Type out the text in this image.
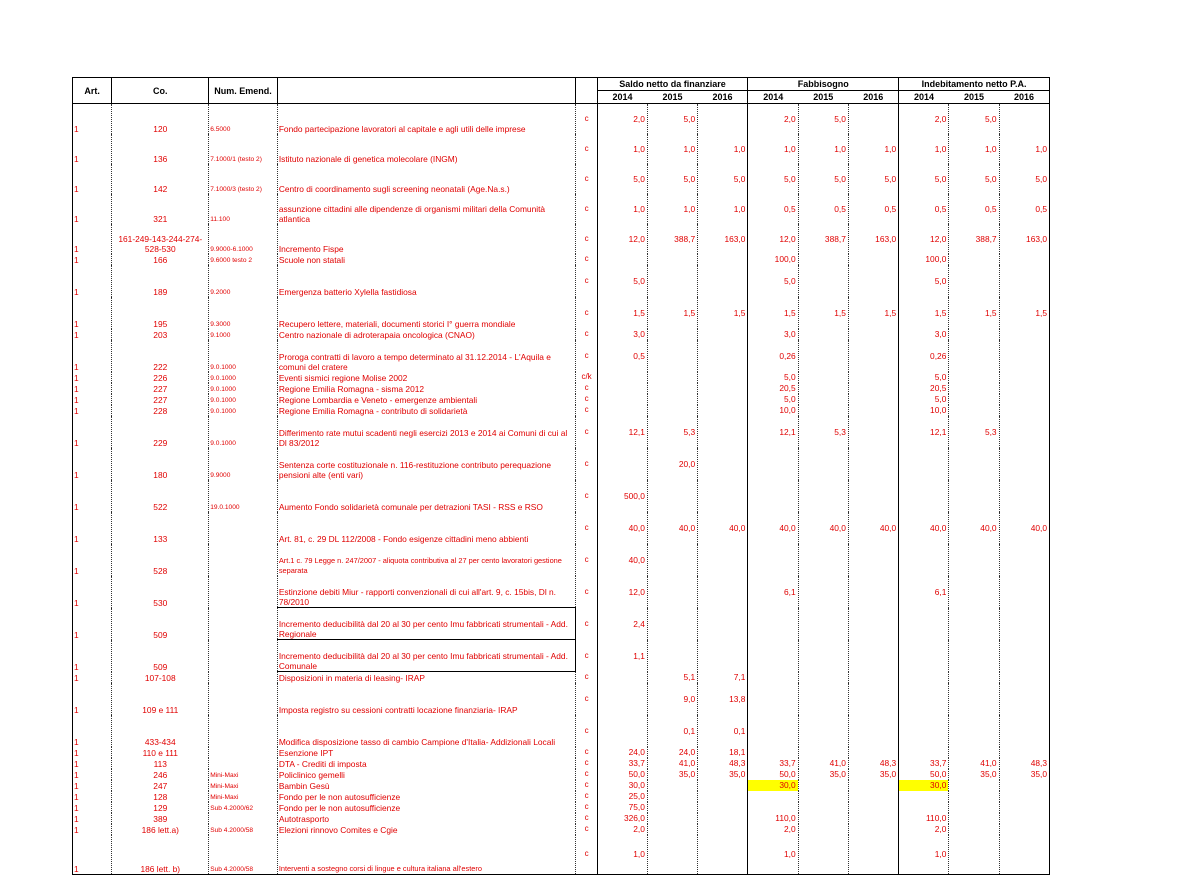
Art.	Co.	Num. Emend.			Saldo netto da finanziare			Fabbisogno			Indebitamento netto P.A.		
					2014	2015	2016	2014	2015	2016	2014	2015	2016
1	120	6.5000	Fondo partecipazione lavoratori al capitale e agli utili delle imprese	c	2,0	5,0		2,0	5,0		2,0	5,0	
1	136	7.1000/1 (testo 2)	Istituto nazionale di genetica molecolare (INGM)	c	1,0	1,0	1,0	1,0	1,0	1,0	1,0	1,0	1,0
1	142	7.1000/3 (testo 2)	Centro di coordinamento sugli screening neonatali (Age.Na.s.)	c	5,0	5,0	5,0	5,0	5,0	5,0	5,0	5,0	5,0
1	321	11.100	assunzione cittadini alle dipendenze di organismi militari della Comunità atlantica	c	1,0	1,0	1,0	0,5	0,5	0,5	0,5	0,5	0,5
1	161-249-143-244-274-528-530	9.9000-6.1000	Incremento Fispe	c	12,0	388,7	163,0	12,0	388,7	163,0	12,0	388,7	163,0
1	166	9.6000 testo 2	Scuole non statali	c				100,0			100,0		
1	189	9.2000	Emergenza batterio Xylella fastidiosa	c	5,0			5,0			5,0		
1	195	9.3000	Recupero lettere, materiali, documenti storici I° guerra mondiale	c	1,5	1,5	1,5	1,5	1,5	1,5	1,5	1,5	1,5
1	203	9.1000	Centro nazionale di adroterapaia oncologica (CNAO)	c	3,0			3,0			3,0		
1	222	9.0.1000	Proroga contratti di lavoro a tempo determinato al 31.12.2014 - L'Aquila e comuni del cratere	c	0,5			0,26			0,26		
1	226	9.0.1000	Eventi sismici regione Molise 2002	c/k				5,0			5,0		
1	227	9.0.1000	Regione Emilia Romagna - sisma 2012	c				20,5			20,5		
1	227	9.0.1000	Regione Lombardia e Veneto - emergenze ambientali	c				5,0			5,0		
1	228	9.0.1000	Regione Emilia Romagna - contributo di solidarietà	c				10,0			10,0		
1	229	9.0.1000	Differimento rate mutui scadenti negli esercizi 2013 e 2014 ai Comuni di cui al Dl 83/2012	c	12,1	5,3		12,1	5,3		12,1	5,3	
1	180	9.9000	Sentenza corte costituzionale n. 116-restituzione contributo perequazione pensioni alte (enti vari)	c		20,0							
1	522	19.0.1000	Aumento Fondo solidarietà comunale per detrazioni TASI - RSS e RSO	c	500,0								
1	133		Art. 81, c. 29 DL 112/2008 - Fondo esigenze cittadini meno abbienti	c	40,0	40,0	40,0	40,0	40,0	40,0	40,0	40,0	40,0
1	528		Art.1 c. 79 Legge n. 247/2007 - aliquota contributiva al 27 per cento lavoratori gestione separata	c	40,0								
1	530		Estinzione debiti Miur - rapporti convenzionali di cui all'art. 9, c. 15bis, Dl n. 78/2010	c	12,0			6,1			6,1		
1	509		Incremento deducibilità dal 20 al 30 per cento Imu fabbricati strumentali - Add. Regionale	c	2,4								
1	509		Incremento deducibilità dal 20 al 30 per cento Imu fabbricati strumentali - Add. Comunale	c	1,1								
1	107-108		Disposizioni in materia di leasing- IRAP	c		5,1	7,1						
1	109 e 111		Imposta registro su cessioni contratti locazione finanziaria- IRAP	c		9,0	13,8						
1	433-434		Modifica disposizione tasso di cambio Campione d'Italia- Addizionali Locali	c		0,1	0,1						
1	110 e 111		Esenzione IPT	c	24,0	24,0	18,1						
1	113		DTA - Crediti di imposta	c	33,7	41,0	48,3	33,7	41,0	48,3	33,7	41,0	48,3
1	246	Mini-Maxi	Policlinico gemelli	c	50,0	35,0	35,0	50,0	35,0	35,0	50,0	35,0	35,0
1	247	Mini-Maxi	Bambin Gesù	c	30,0			30,0			30,0		
1	128	Mini-Maxi	Fondo per le non autosufficienze	c	25,0								
1	129	Sub 4.2000/62	Fondo per le non autosufficienze	c	75,0								
1	389		Autotrasporto	c	326,0			110,0			110,0		
1	186 lett.a)	Sub 4.2000/58	Elezioni rinnovo Comites e Cgie	c	2,0			2,0			2,0		
1	186 lett. b)	Sub 4.2000/58	Interventi a sostegno corsi di lingue e cultura italiana all'estero	c	1,0			1,0			1,0		
